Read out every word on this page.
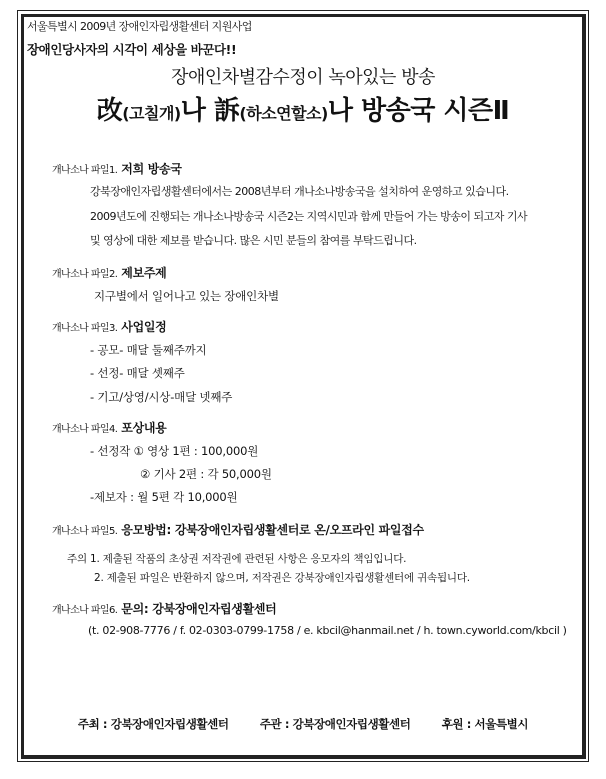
서울특별시 2009년 장애인자립생활센터 지원사업
장애인당사자의 시각이 세상을 바꾼다!!
장애인차별감수정이 녹아있는 방송
改(고칠개)나 訴(하소연할소)나 방송국 시즌Ⅱ
개나소나 파일1. 저희 방송국
강북장애인자립생활센터에서는 2008년부터 개나소나방송국을 설치하여 운영하고 있습니다.
2009년도에 진행되는 개나소나방송국 시즌2는 지역시민과 함께 만들어 가는 방송이 되고자 기사
및 영상에 대한 제보를 받습니다. 많은 시민 분들의 참여를 부탁드립니다.
개나소나 파일2. 제보주제
지구별에서 일어나고 있는 장애인차별
개나소나 파일3. 사업일정
- 공모- 매달 둘째주까지
- 선정- 매달 셋째주
- 기고/상영/시상-매달 넷째주
개나소나 파일4. 포상내용
- 선정작 ① 영상 1편 : 100,000원
② 기사 2편 : 각 50,000원
-제보자 : 월 5편 각 10,000원
개나소나 파일5. 응모방법: 강북장애인자립생활센터로 온/오프라인 파일접수
주의 1. 제출된 작품의 초상권 저작권에 관련된 사항은 응모자의 책임입니다.
2. 제출된 파일은 반환하지 않으며, 저작권은 강북장애인자립생활센터에 귀속됩니다.
개나소나 파일6. 문의: 강북장애인자립생활센터
(t. 02-908-7776 / f. 02-0303-0799-1758 / e. kbcil@hanmail.net / h. town.cyworld.com/kbcil )
주최 : 강북장애인자립생활센터	주관 : 강북장애인자립생활센터	후원 : 서울특별시
